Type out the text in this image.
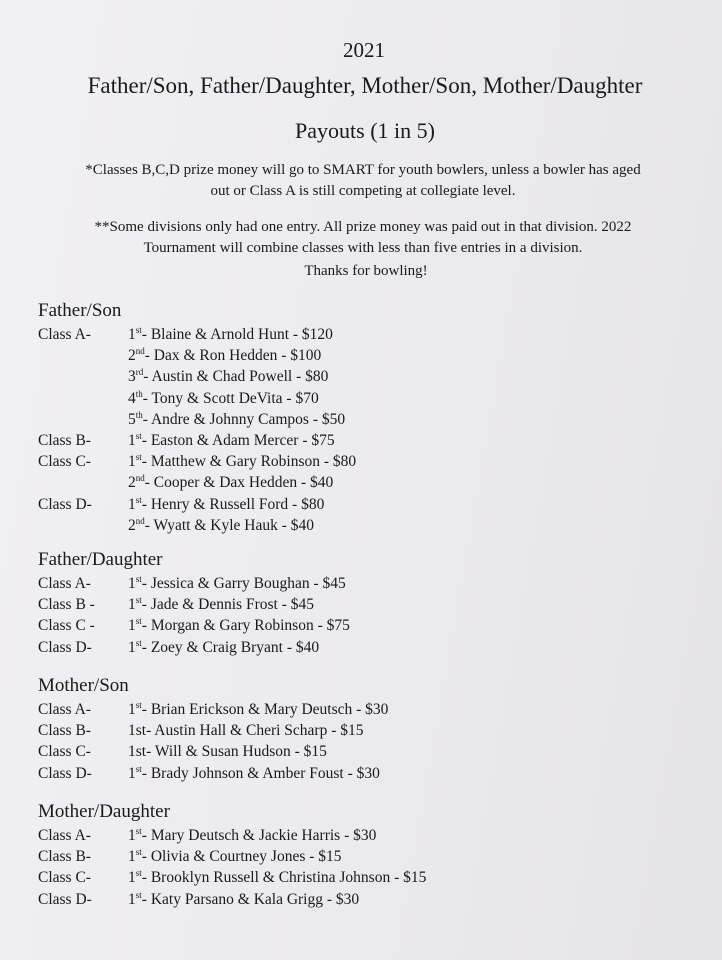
2021
Father/Son, Father/Daughter, Mother/Son, Mother/Daughter
Payouts (1 in 5)
*Classes B,C,D prize money will go to SMART for youth bowlers, unless a bowler has aged
out or Class A is still competing at collegiate level.
**Some divisions only had one entry. All prize money was paid out in that division. 2022
Tournament will combine classes with less than five entries in a division.
Thanks for bowling!
Father/Son
Class A- 1st- Blaine & Arnold Hunt - $120
2nd- Dax & Ron Hedden - $100
3rd- Austin & Chad Powell - $80
4th- Tony & Scott DeVita - $70
5th- Andre & Johnny Campos - $50
Class B- 1st- Easton & Adam Mercer - $75
Class C- 1st- Matthew & Gary Robinson - $80
2nd- Cooper & Dax Hedden - $40
Class D- 1st- Henry & Russell Ford - $80
2nd- Wyatt & Kyle Hauk - $40
Father/Daughter
Class A- 1st- Jessica & Garry Boughan - $45
Class B - 1st- Jade & Dennis Frost - $45
Class C - 1st- Morgan & Gary Robinson - $75
Class D- 1st- Zoey & Craig Bryant - $40
Mother/Son
Class A- 1st- Brian Erickson & Mary Deutsch - $30
Class B- 1st- Austin Hall & Cheri Scharp - $15
Class C- 1st- Will & Susan Hudson - $15
Class D- 1st- Brady Johnson & Amber Foust - $30
Mother/Daughter
Class A- 1st- Mary Deutsch & Jackie Harris - $30
Class B- 1st- Olivia & Courtney Jones - $15
Class C- 1st- Brooklyn Russell & Christina Johnson - $15
Class D- 1st- Katy Parsano & Kala Grigg - $30
